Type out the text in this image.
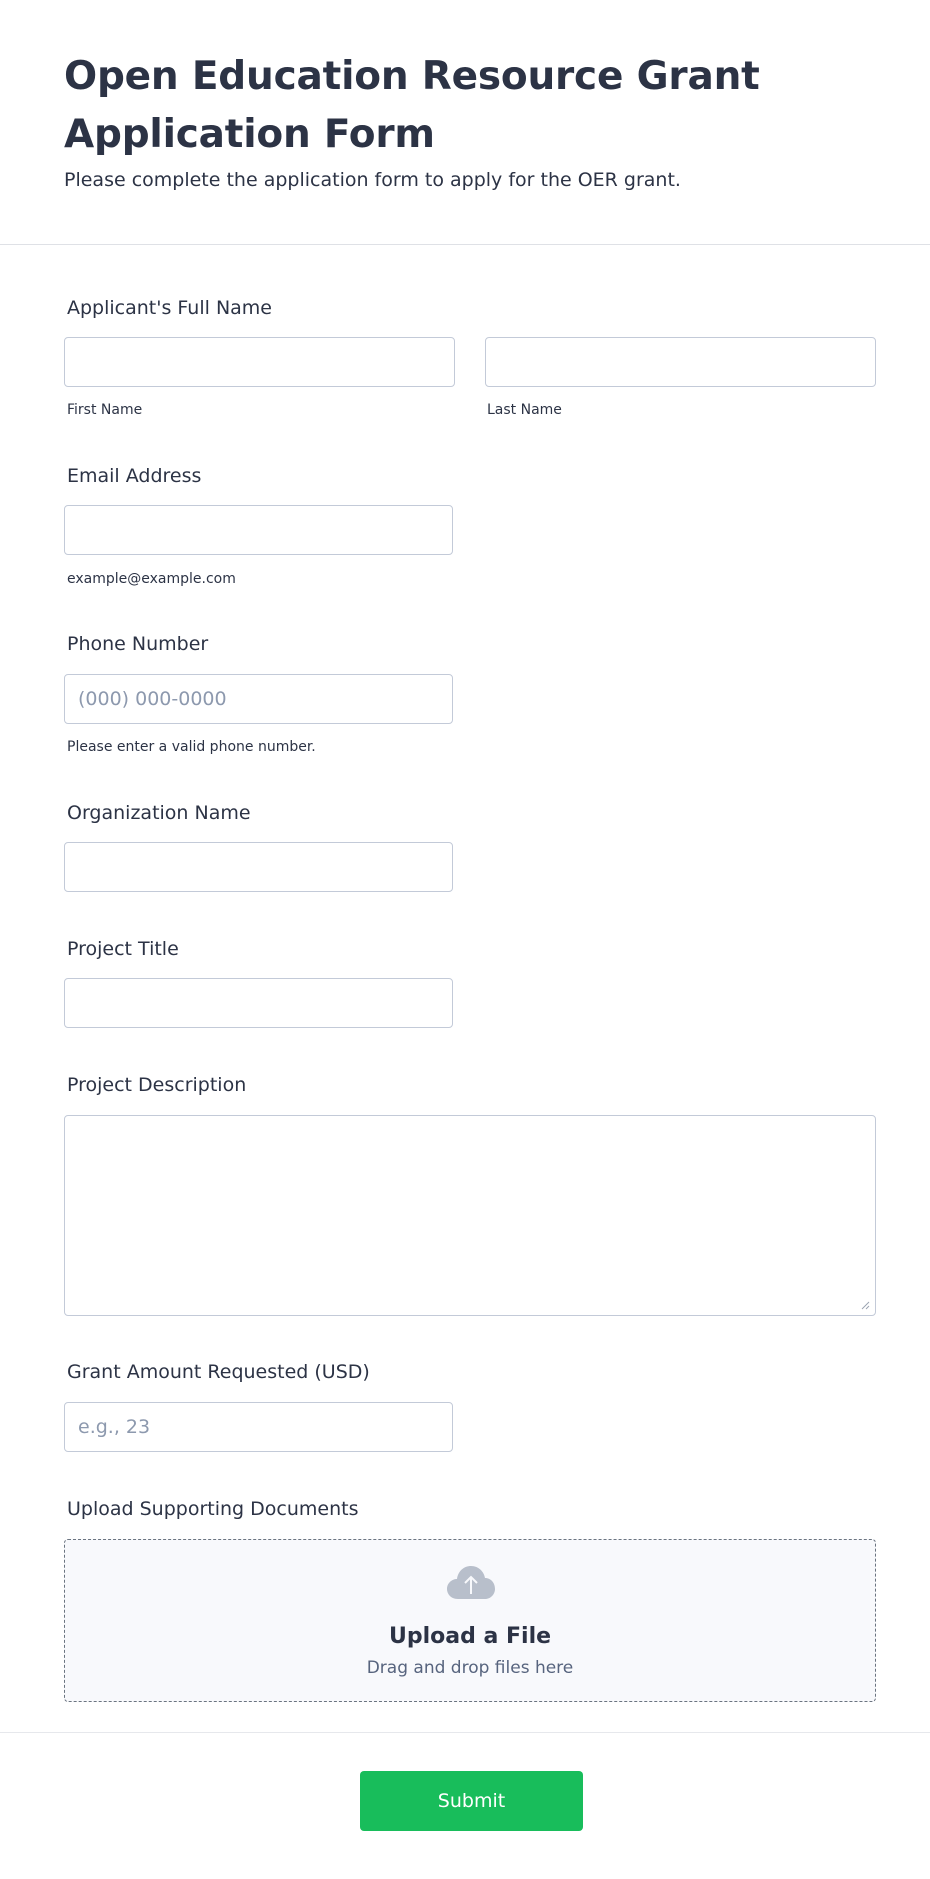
Open Education Resource Grant Application Form

Please complete the application form to apply for the OER grant.

Applicant's Full Name
First Name	Last Name
Email Address
example@example.com
Phone Number
(000) 000-0000
Please enter a valid phone number.
Organization Name
Project Title
Project Description
Grant Amount Requested (USD)
e.g., 23
Upload Supporting Documents
Upload a File
Drag and drop files here
Submit
